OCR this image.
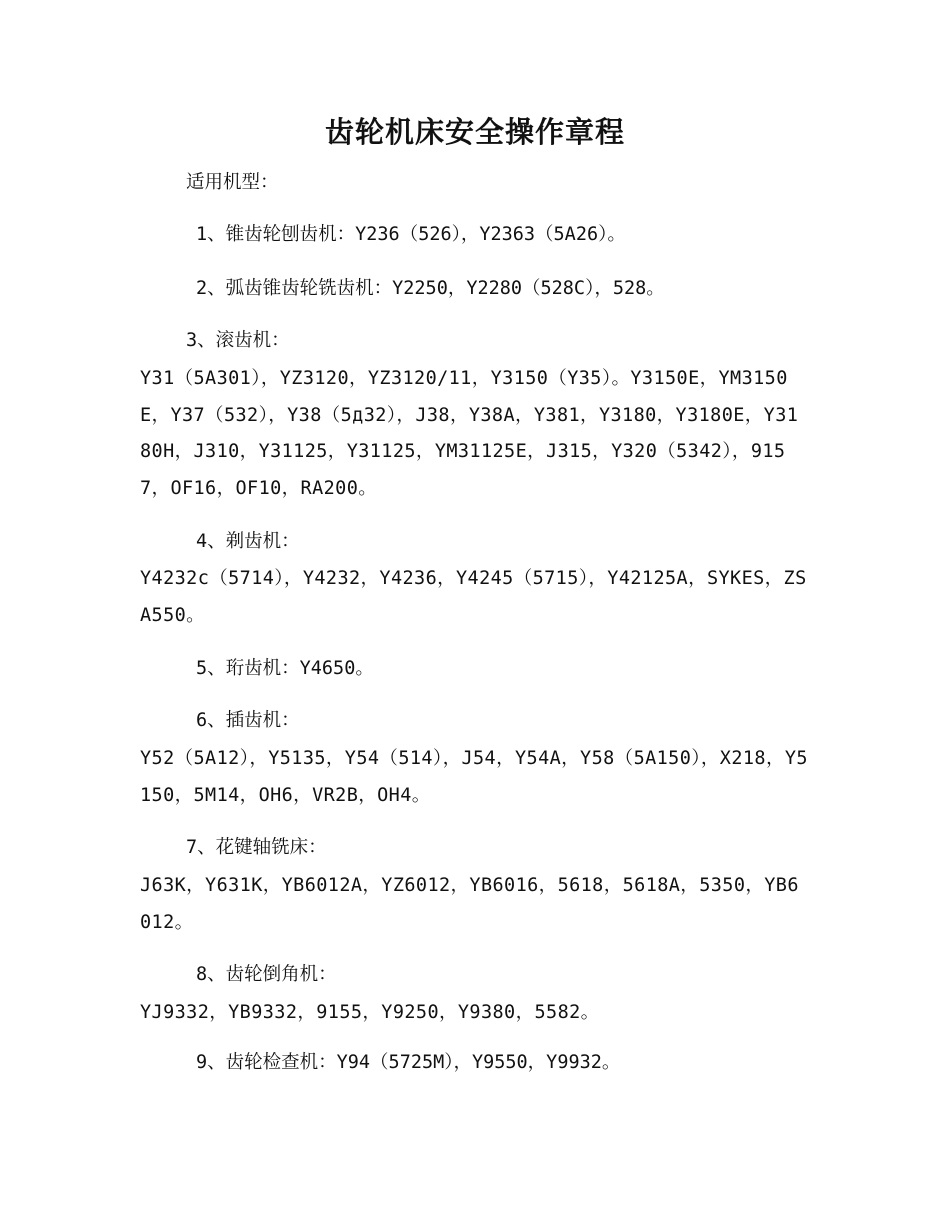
齿轮机床安全操作章程
适用机型：
1、锥齿轮刨齿机：Y236（526），Y2363（5A26）。
2、弧齿锥齿轮铣齿机：Y2250，Y2280（528C），528。
3、滚齿机：
Y31（5A301），YZ3120，YZ3120/11，Y3150（Y35）。Y3150E，YM3150E，Y37（532），Y38（5д32），J38，Y38A，Y381，Y3180，Y3180E，Y3180H，J310，Y31125，Y31125，YM31125E，J315，Y320（5342），9157，OF16，OF10，RA200。
4、剃齿机：
Y4232c（5714），Y4232，Y4236，Y4245（5715），Y42125A，SYKES，ZSA550。
5、珩齿机：Y4650。
6、插齿机：
Y52（5A12），Y5135，Y54（514），J54，Y54A，Y58（5A150），X218，Y5150，5M14，OH6，VR2B，OH4。
7、花键轴铣床：
J63K，Y631K，YB6012A，YZ6012，YB6016，5618，5618A，5350，YB6012。
8、齿轮倒角机：
YJ9332，YB9332，9155，Y9250，Y9380，5582。
9、齿轮检查机：Y94（5725M），Y9550，Y9932。
